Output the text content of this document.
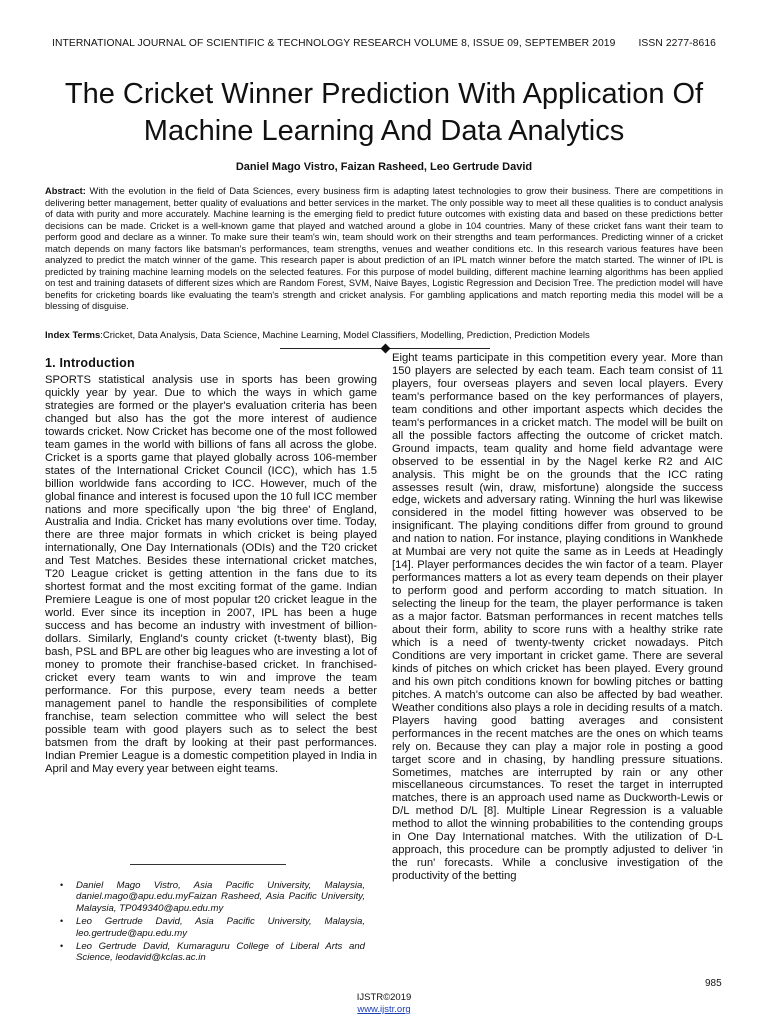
INTERNATIONAL JOURNAL OF SCIENTIFIC & TECHNOLOGY RESEARCH VOLUME 8, ISSUE 09, SEPTEMBER 2019 ISSN 2277-8616
The Cricket Winner Prediction With Application Of Machine Learning And Data Analytics
Daniel Mago Vistro, Faizan Rasheed, Leo Gertrude David
Abstract: With the evolution in the field of Data Sciences, every business firm is adapting latest technologies to grow their business. There are competitions in delivering better management, better quality of evaluations and better services in the market. The only possible way to meet all these qualities is to conduct analysis of data with purity and more accurately. Machine learning is the emerging field to predict future outcomes with existing data and based on these predictions better decisions can be made. Cricket is a well-known game that played and watched around a globe in 104 countries. Many of these cricket fans want their team to perform good and declare as a winner. To make sure their team's win, team should work on their strengths and team performances. Predicting winner of a cricket match depends on many factors like batsman's performances, team strengths, venues and weather conditions etc. In this research various features have been analyzed to predict the match winner of the game. This research paper is about prediction of an IPL match winner before the match started. The winner of IPL is predicted by training machine learning models on the selected features. For this purpose of model building, different machine learning algorithms has been applied on test and training datasets of different sizes which are Random Forest, SVM, Naive Bayes, Logistic Regression and Decision Tree. The prediction model will have benefits for cricketing boards like evaluating the team's strength and cricket analysis. For gambling applications and match reporting media this model will be a blessing of disguise.
Index Terms:Cricket, Data Analysis, Data Science, Machine Learning, Model Classifiers, Modelling, Prediction, Prediction Models
1. Introduction
SPORTS statistical analysis use in sports has been growing quickly year by year. Due to which the ways in which game strategies are formed or the player's evaluation criteria has been changed but also has the got the more interest of audience towards cricket. Now Cricket has become one of the most followed team games in the world with billions of fans all across the globe. Cricket is a sports game that played globally across 106-member states of the International Cricket Council (ICC), which has 1.5 billion worldwide fans according to ICC. However, much of the global finance and interest is focused upon the 10 full ICC member nations and more specifically upon 'the big three' of England, Australia and India. Cricket has many evolutions over time. Today, there are three major formats in which cricket is being played internationally, One Day Internationals (ODIs) and the T20 cricket and Test Matches. Besides these international cricket matches, T20 League cricket is getting attention in the fans due to its shortest format and the most exciting format of the game. Indian Premiere League is one of most popular t20 cricket league in the world. Ever since its inception in 2007, IPL has been a huge success and has become an industry with investment of billion-dollars. Similarly, England's county cricket (t-twenty blast), Big bash, PSL and BPL are other big leagues who are investing a lot of money to promote their franchise-based cricket. In franchised-cricket every team wants to win and improve the team performance. For this purpose, every team needs a better management panel to handle the responsibilities of complete franchise, team selection committee who will select the best possible team with good players such as to select the best batsmen from the draft by looking at their past performances. Indian Premier League is a domestic competition played in India in April and May every year between eight teams.
Eight teams participate in this competition every year. More than 150 players are selected by each team. Each team consist of 11 players, four overseas players and seven local players. Every team's performance based on the key performances of players, team conditions and other important aspects which decides the team's performances in a cricket match. The model will be built on all the possible factors affecting the outcome of cricket match. Ground impacts, team quality and home field advantage were observed to be essential in by the Nagel kerke R2 and AIC analysis. This might be on the grounds that the ICC rating assesses result (win, draw, misfortune) alongside the success edge, wickets and adversary rating. Winning the hurl was likewise considered in the model fitting however was observed to be insignificant. The playing conditions differ from ground to ground and nation to nation. For instance, playing conditions in Wankhede at Mumbai are very not quite the same as in Leeds at Headingly [14]. Player performances decides the win factor of a team. Player performances matters a lot as every team depends on their player to perform good and perform according to match situation. In selecting the lineup for the team, the player performance is taken as a major factor. Batsman performances in recent matches tells about their form, ability to score runs with a healthy strike rate which is a need of twenty-twenty cricket nowadays. Pitch Conditions are very important in cricket game. There are several kinds of pitches on which cricket has been played. Every ground and his own pitch conditions known for bowling pitches or batting pitches. A match's outcome can also be affected by bad weather. Weather conditions also plays a role in deciding results of a match. Players having good batting averages and consistent performances in the recent matches are the ones on which teams rely on. Because they can play a major role in posting a good target score and in chasing, by handling pressure situations. Sometimes, matches are interrupted by rain or any other miscellaneous circumstances. To reset the target in interrupted matches, there is an approach used name as Duckworth-Lewis or D/L method D/L [8]. Multiple Linear Regression is a valuable method to allot the winning probabilities to the contending groups in One Day International matches. With the utilization of D-L approach, this procedure can be promptly adjusted to deliver 'in the run' forecasts. While a conclusive investigation of the productivity of the betting
• Daniel Mago Vistro, Asia Pacific University, Malaysia, daniel.mago@apu.edu.myFaizan Rasheed, Asia Pacific University, Malaysia, TP049340@apu.edu.my
• Leo Gertrude David, Asia Pacific University, Malaysia, leo.gertrude@apu.edu.my
• Leo Gertrude David, Kumaraguru College of Liberal Arts and Science, leodavid@kclas.ac.in
985
IJSTR©2019
www.ijstr.org
